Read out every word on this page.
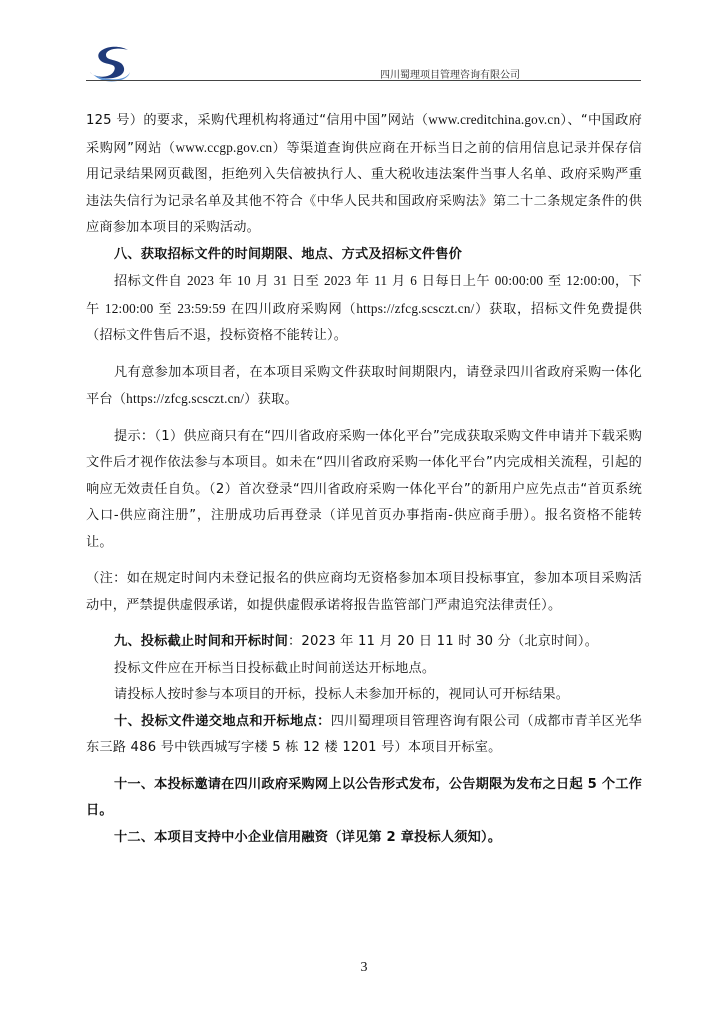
四川蜀理项目管理咨询有限公司

125 号）的要求，采购代理机构将通过“信用中国”网站（www.creditchina.gov.cn）、“中国政府采购网”网站（www.ccgp.gov.cn）等渠道查询供应商在开标当日之前的信用信息记录并保存信用记录结果网页截图，拒绝列入失信被执行人、重大税收违法案件当事人名单、政府采购严重违法失信行为记录名单及其他不符合《中华人民共和国政府采购法》第二十二条规定条件的供应商参加本项目的采购活动。

八、获取招标文件的时间期限、地点、方式及招标文件售价

招标文件自 2023 年 10 月 31 日至 2023 年 11 月 6 日每日上午 00:00:00 至 12:00:00，下午 12:00:00 至 23:59:59 在四川政府采购网（https://zfcg.scsczt.cn/）获取，招标文件免费提供（招标文件售后不退，投标资格不能转让）。

凡有意参加本项目者，在本项目采购文件获取时间期限内，请登录四川省政府采购一体化平台（https://zfcg.scsczt.cn/）获取。

提示：（1）供应商只有在“四川省政府采购一体化平台”完成获取采购文件申请并下载采购文件后才视作依法参与本项目。如未在“四川省政府采购一体化平台”内完成相关流程，引起的响应无效责任自负。（2）首次登录“四川省政府采购一体化平台”的新用户应先点击“首页系统入口-供应商注册”，注册成功后再登录（详见首页办事指南-供应商手册）。报名资格不能转让。

（注：如在规定时间内未登记报名的供应商均无资格参加本项目投标事宜，参加本项目采购活动中，严禁提供虚假承诺，如提供虚假承诺将报告监管部门严肃追究法律责任）。

九、投标截止时间和开标时间：2023 年 11 月 20 日 11 时 30 分（北京时间）。

投标文件应在开标当日投标截止时间前送达开标地点。

请投标人按时参与本项目的开标，投标人未参加开标的，视同认可开标结果。

十、投标文件递交地点和开标地点：四川蜀理项目管理咨询有限公司（成都市青羊区光华东三路 486 号中铁西城写字楼 5 栋 12 楼 1201 号）本项目开标室。

十一、本投标邀请在四川政府采购网上以公告形式发布，公告期限为发布之日起 5 个工作日。

十二、本项目支持中小企业信用融资（详见第 2 章投标人须知）。

3
